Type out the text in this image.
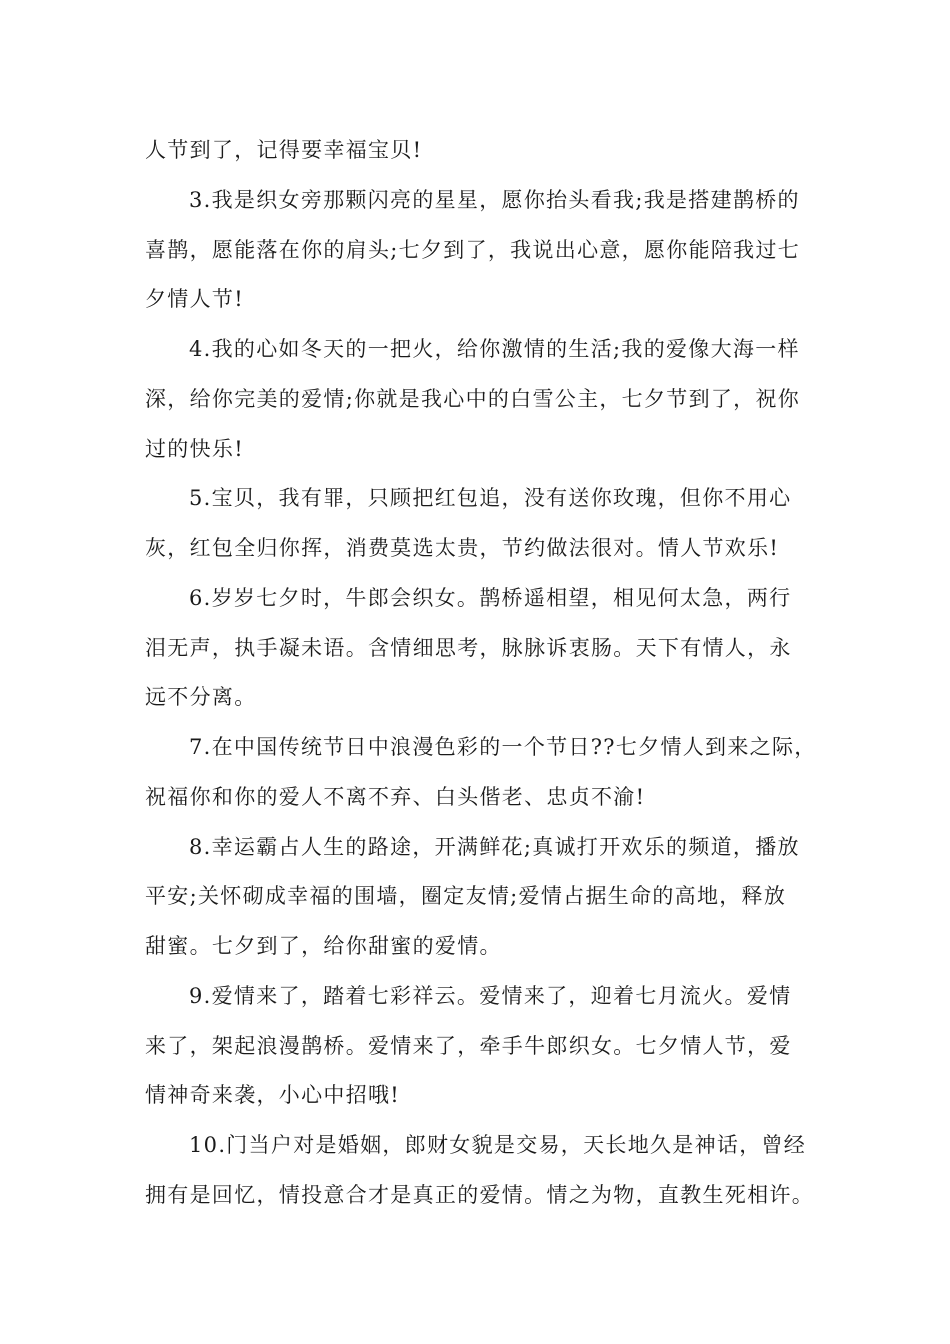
人节到了，记得要幸福宝贝!
3.我是织女旁那颗闪亮的星星，愿你抬头看我;我是搭建鹊桥的
喜鹊，愿能落在你的肩头;七夕到了，我说出心意，愿你能陪我过七
夕情人节!
4.我的心如冬天的一把火，给你激情的生活;我的爱像大海一样
深，给你完美的爱情;你就是我心中的白雪公主，七夕节到了，祝你
过的快乐!
5.宝贝，我有罪，只顾把红包追，没有送你玫瑰，但你不用心
灰，红包全归你挥，消费莫选太贵，节约做法很对。情人节欢乐!
6.岁岁七夕时，牛郎会织女。鹊桥遥相望，相见何太急，两行
泪无声，执手凝未语。含情细思考，脉脉诉衷肠。天下有情人，永
远不分离。
7.在中国传统节日中浪漫色彩的一个节日??七夕情人到来之际，
祝福你和你的爱人不离不弃、白头偕老、忠贞不渝!
8.幸运霸占人生的路途，开满鲜花;真诚打开欢乐的频道，播放
平安;关怀砌成幸福的围墙，圈定友情;爱情占据生命的高地，释放
甜蜜。七夕到了，给你甜蜜的爱情。
9.爱情来了，踏着七彩祥云。爱情来了，迎着七月流火。爱情
来了，架起浪漫鹊桥。爱情来了，牵手牛郎织女。七夕情人节，爱
情神奇来袭，小心中招哦!
10.门当户对是婚姻，郎财女貌是交易，天长地久是神话，曾经
拥有是回忆，情投意合才是真正的爱情。情之为物，直教生死相许。
